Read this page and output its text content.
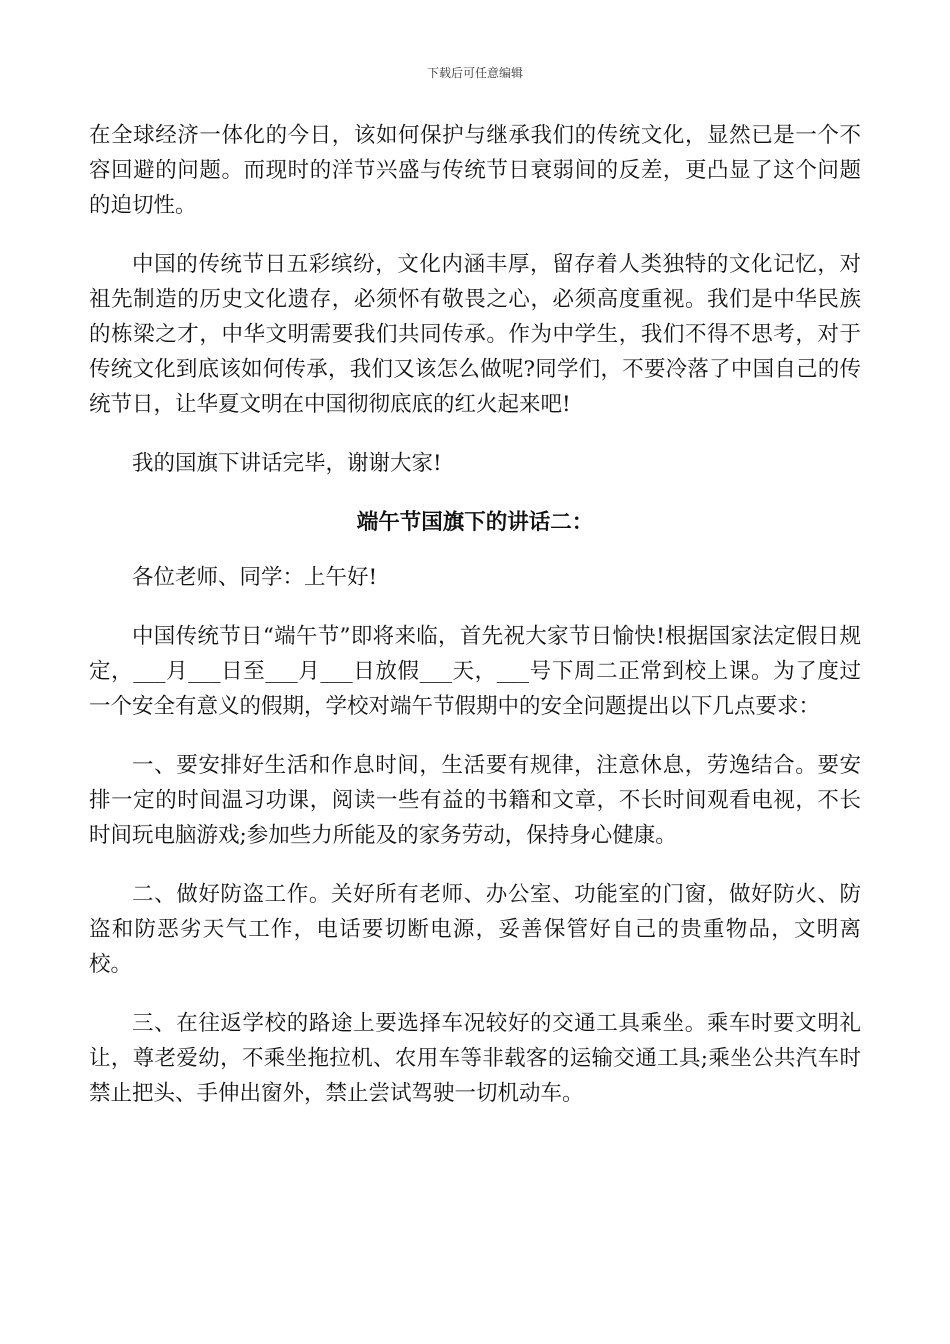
下载后可任意编辑

在全球经济一体化的今日，该如何保护与继承我们的传统文化，显然已是一个不容回避的问题。而现时的洋节兴盛与传统节日衰弱间的反差，更凸显了这个问题的迫切性。

中国的传统节日五彩缤纷，文化内涵丰厚，留存着人类独特的文化记忆，对祖先制造的历史文化遗存，必须怀有敬畏之心，必须高度重视。我们是中华民族的栋梁之才，中华文明需要我们共同传承。作为中学生，我们不得不思考，对于传统文化到底该如何传承，我们又该怎么做呢?同学们，不要冷落了中国自己的传统节日，让华夏文明在中国彻彻底底的红火起来吧!

我的国旗下讲话完毕，谢谢大家!

端午节国旗下的讲话二：

各位老师、同学：上午好!

中国传统节日“端午节”即将来临，首先祝大家节日愉快!根据国家法定假日规定，___月___日至___月___日放假___天，___号下周二正常到校上课。为了度过一个安全有意义的假期，学校对端午节假期中的安全问题提出以下几点要求：

一、要安排好生活和作息时间，生活要有规律，注意休息，劳逸结合。要安排一定的时间温习功课，阅读一些有益的书籍和文章，不长时间观看电视，不长时间玩电脑游戏;参加些力所能及的家务劳动，保持身心健康。

二、做好防盗工作。关好所有老师、办公室、功能室的门窗，做好防火、防盗和防恶劣天气工作，电话要切断电源，妥善保管好自己的贵重物品，文明离校。

三、在往返学校的路途上要选择车况较好的交通工具乘坐。乘车时要文明礼让，尊老爱幼，不乘坐拖拉机、农用车等非载客的运输交通工具;乘坐公共汽车时禁止把头、手伸出窗外，禁止尝试驾驶一切机动车。
